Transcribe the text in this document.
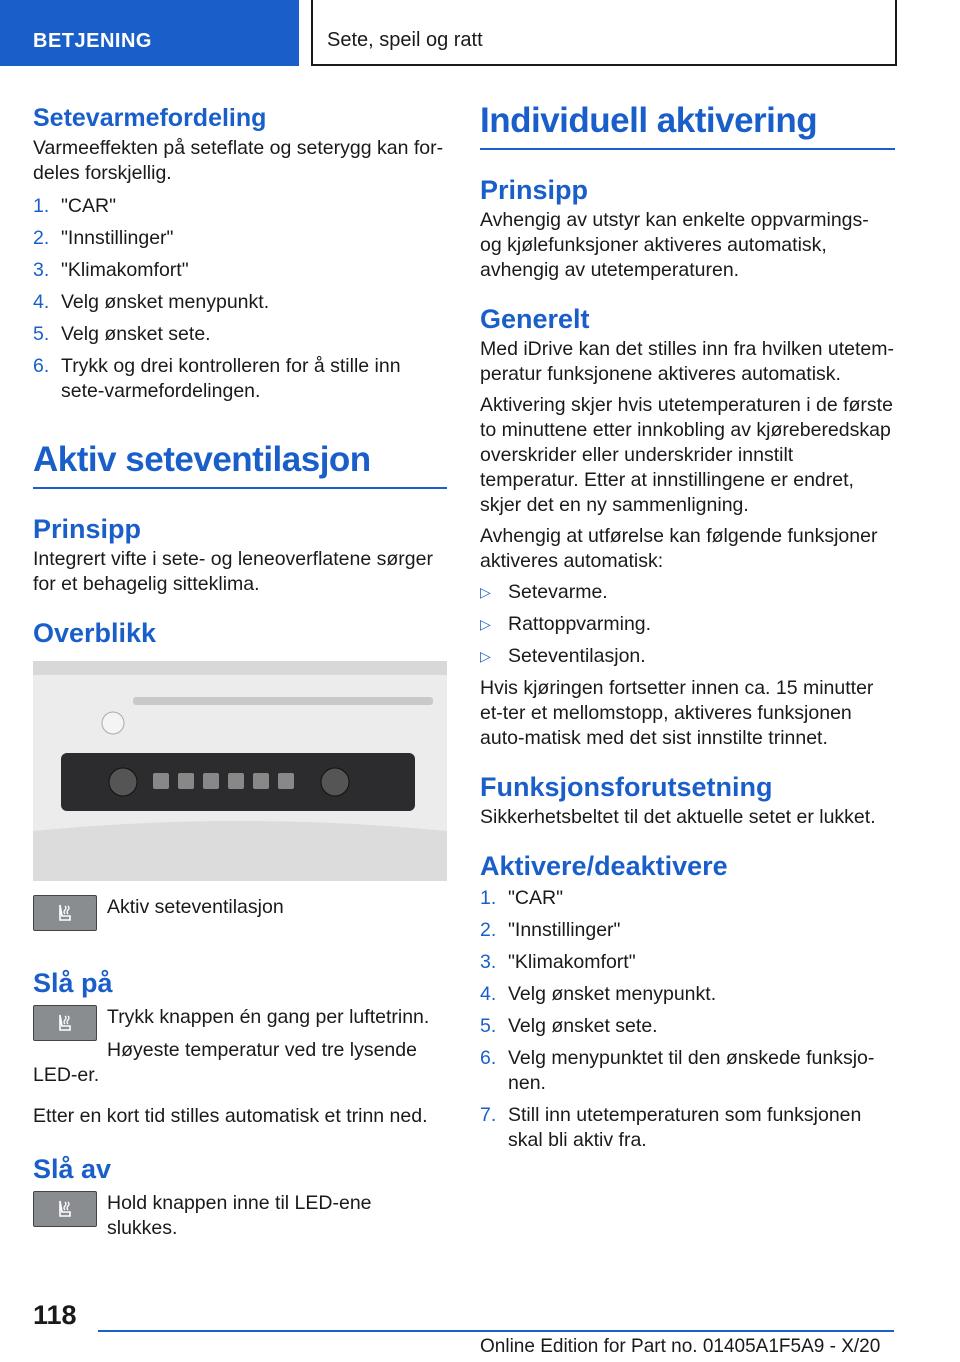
BETJENING	Sete, speil og ratt
Setevarmefordeling

Varmeeffekten på seteflate og seterygg kan for-deles forskjellig.

1. "CAR"
2. "Innstillinger"
3. "Klimakomfort"
4. Velg ønsket menypunkt.
5. Velg ønsket sete.
6. Trykk og drei kontrolleren for å stille inn sete-varmefordelingen.
Aktiv seteventilasjon
Prinsipp

Integrert vifte i sete- og leneoverflatene sørger for et behagelig sitteklima.

Overblikk

Aktiv seteventilasjon

Slå på

Trykk knappen én gang per luftetrinn.

Høyeste temperatur ved tre lysende LED-er.

Etter en kort tid stilles automatisk et trinn ned.

Slå av

Hold knappen inne til LED-ene slukkes.

Individuell aktivering
Prinsipp

Avhengig av utstyr kan enkelte oppvarmings- og kjølefunksjoner aktiveres automatisk, avhengig av utetemperaturen.

Generelt

Med iDrive kan det stilles inn fra hvilken utetem-peratur funksjonene aktiveres automatisk.

Aktivering skjer hvis utetemperaturen i de første to minuttene etter innkobling av kjøreberedskap overskrider eller underskrider innstilt temperatur. Etter at innstillingene er endret, skjer det en ny sammenligning.

Avhengig at utførelse kan følgende funksjoner aktiveres automatisk:

▷ Setevarme.
▷ Rattoppvarming.
▷ Seteventilasjon.

Hvis kjøringen fortsetter innen ca. 15 minutter et-ter et mellomstopp, aktiveres funksjonen auto-matisk med det sist innstilte trinnet.

Funksjonsforutsetning

Sikkerhetsbeltet til det aktuelle setet er lukket.

Aktivere/deaktivere
1. "CAR"
2. "Innstillinger"
3. "Klimakomfort"
4. Velg ønsket menypunkt.
5. Velg ønsket sete.
6. Velg menypunktet til den ønskede funksjo-nen.
7. Still inn utetemperaturen som funksjonen skal bli aktiv fra.
118
Online Edition for Part no. 01405A1F5A9 - X/20
